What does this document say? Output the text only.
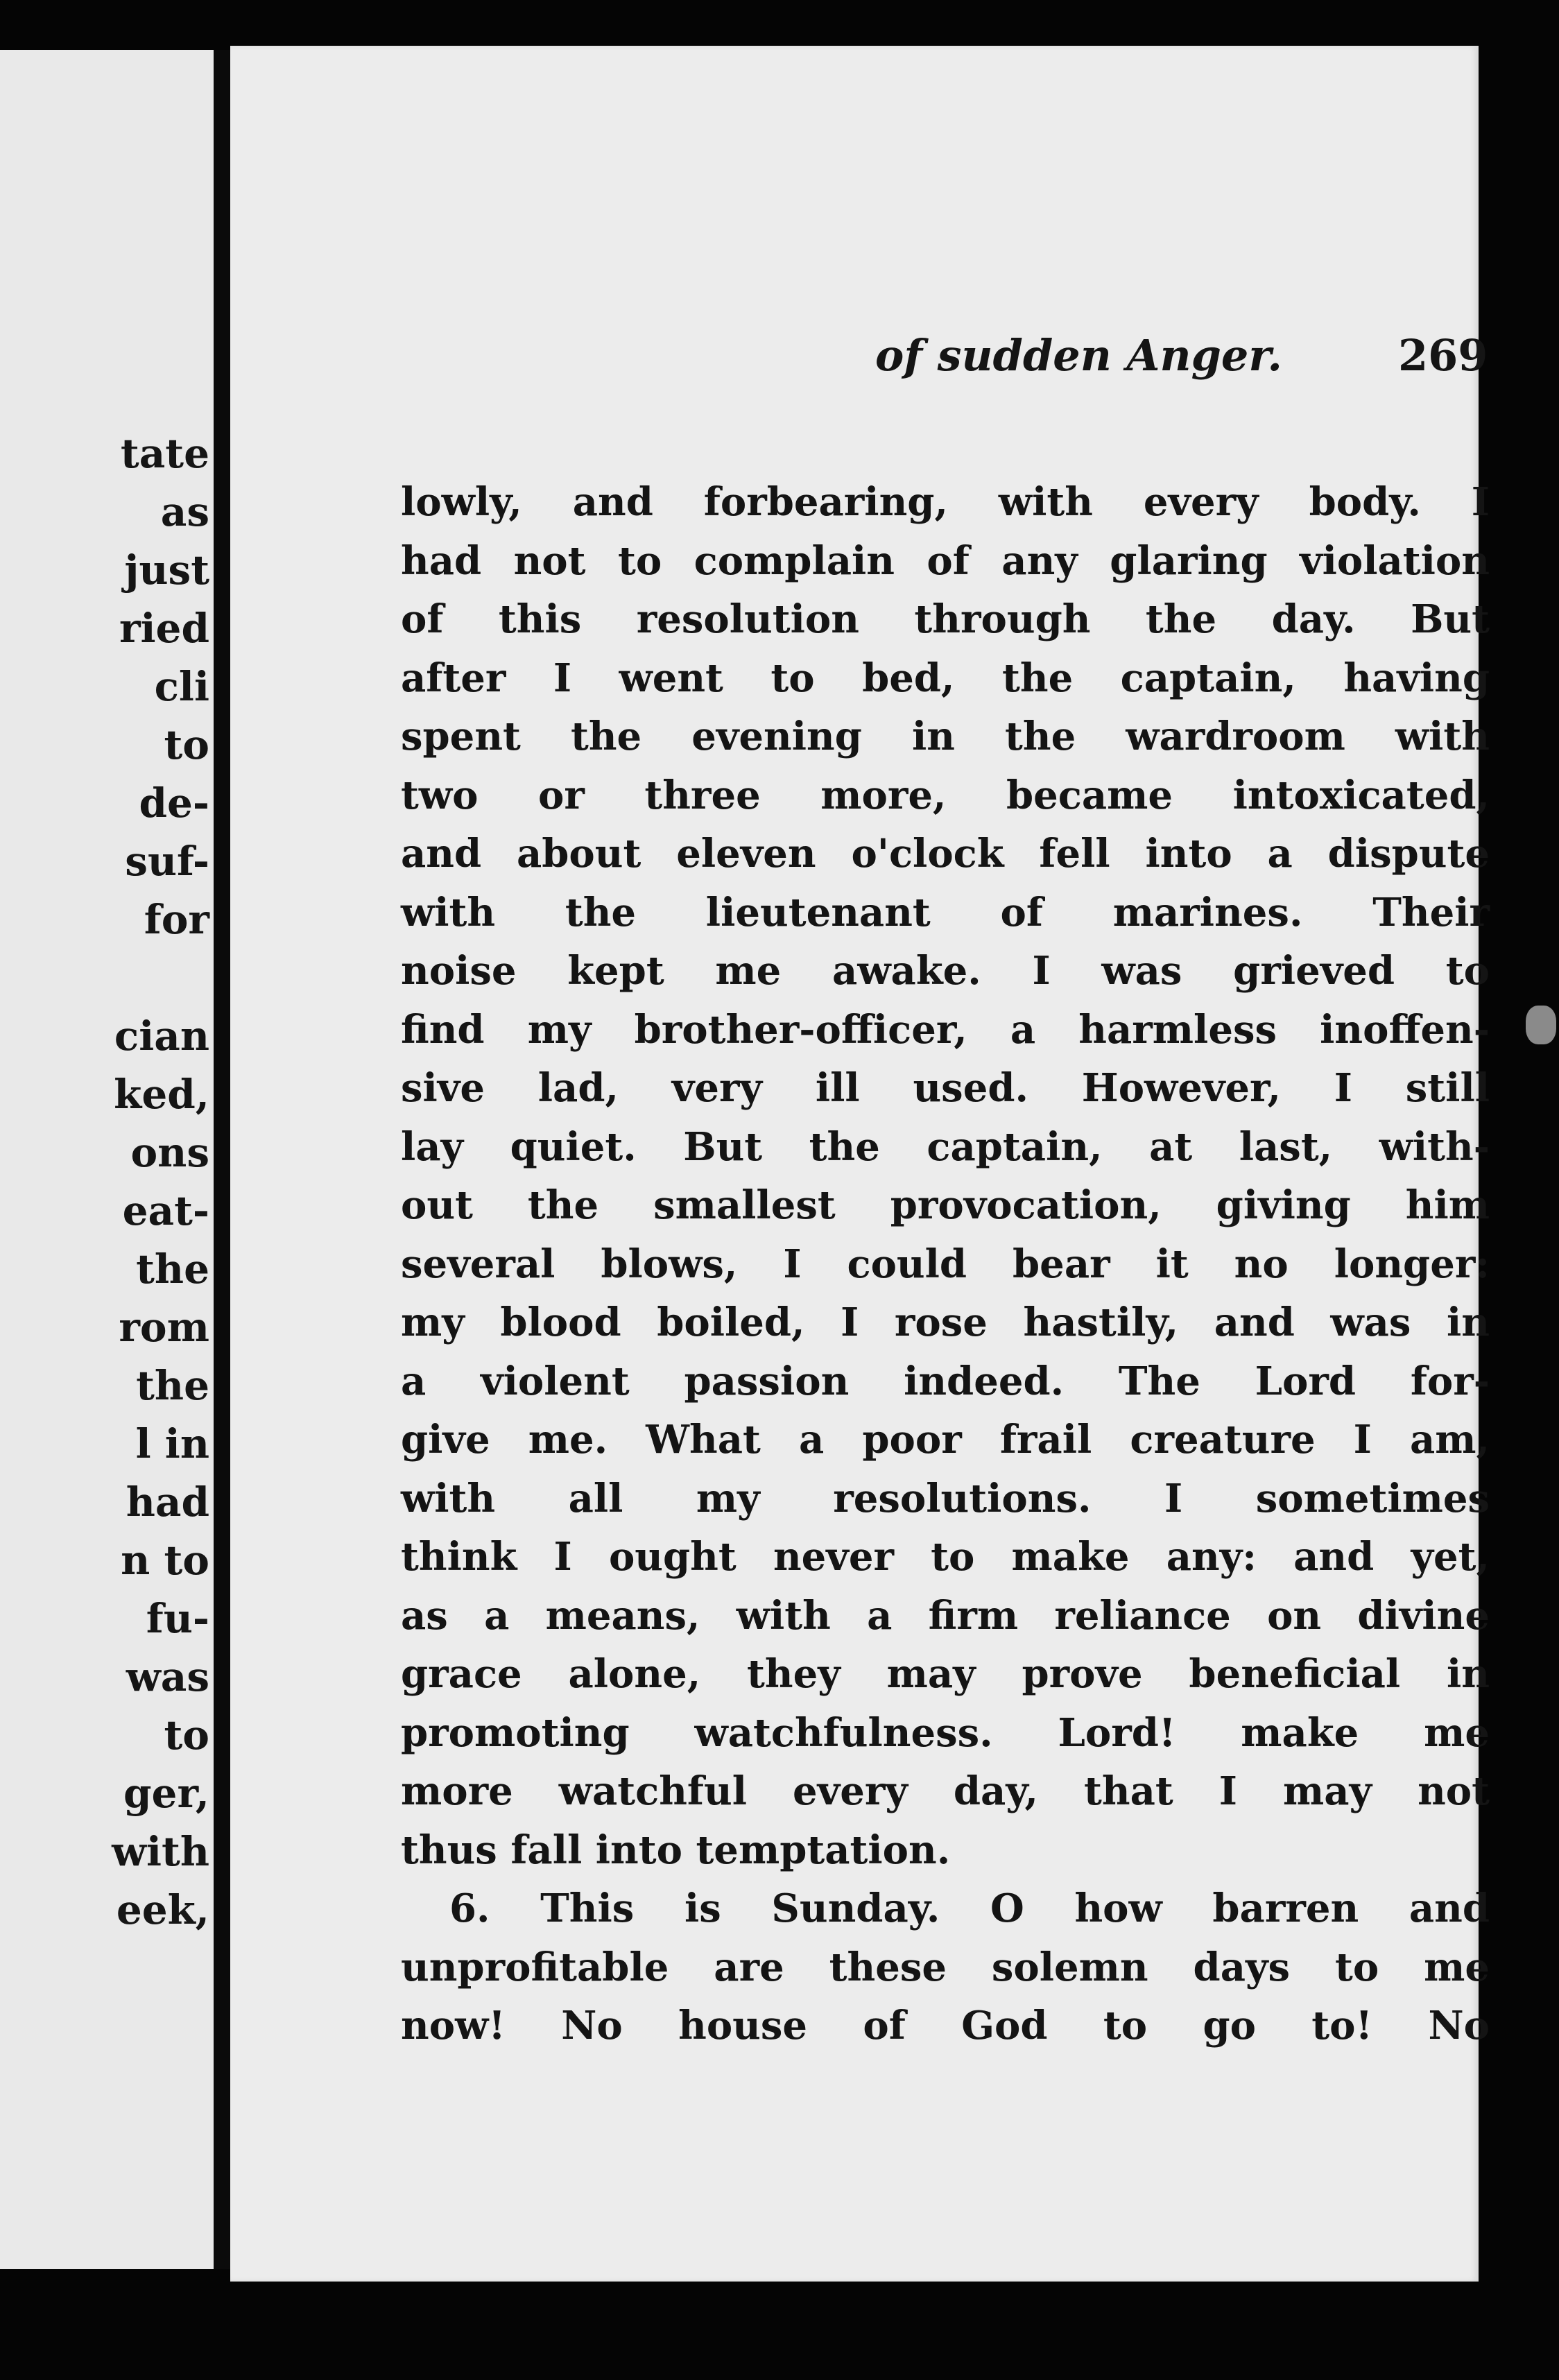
tate
as
just
ried
cli
to
de-
suf-
for
cian
ked,
ons
eat-
the
rom
the
l in
had
n to
fu-
was
to
ger,
with
eek,
of sudden Anger.	269
lowly, and forbearing, with every body. I
had not to complain of any glaring violation
of this resolution through the day. But
after I went to bed, the captain, having
spent the evening in the wardroom with
two or three more, became intoxicated,
and about eleven o'clock fell into a dispute
with the lieutenant of marines. Their
noise kept me awake. I was grieved to
find my brother-officer, a harmless inoffen-
sive lad, very ill used. However, I still
lay quiet. But the captain, at last, with-
out the smallest provocation, giving him
several blows, I could bear it no longer:
my blood boiled, I rose hastily, and was in
a violent passion indeed. The Lord for-
give me. What a poor frail creature I am,
with all my resolutions. I sometimes
think I ought never to make any: and yet,
as a means, with a firm reliance on divine
grace alone, they may prove beneficial in
promoting watchfulness. Lord! make me
more watchful every day, that I may not
thus fall into temptation.
6. This is Sunday. O how barren and
unprofitable are these solemn days to me
now! No house of God to go to! No
